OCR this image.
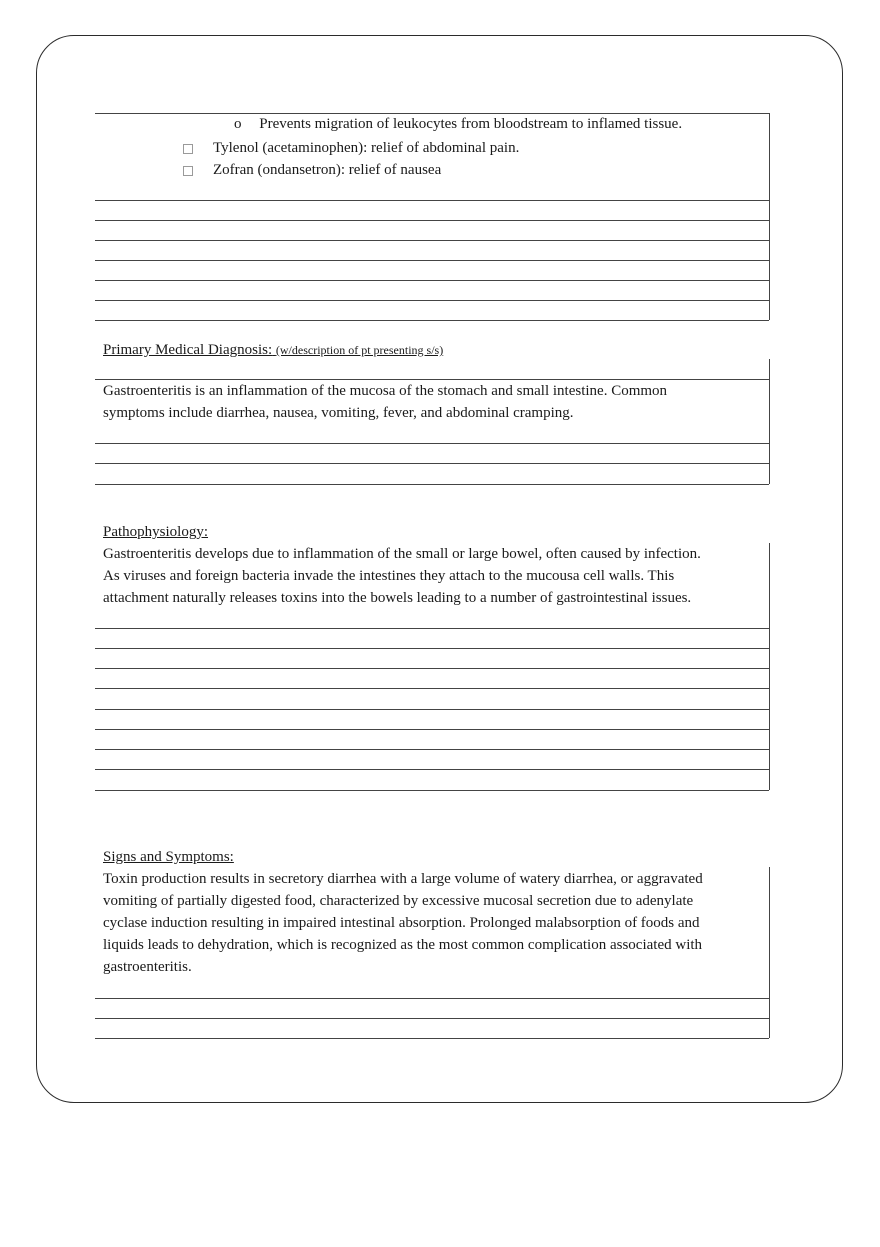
o Prevents migration of leukocytes from bloodstream to inflamed tissue.
Tylenol (acetaminophen): relief of abdominal pain.
Zofran (ondansetron): relief of nausea
Primary Medical Diagnosis: (w/description of pt presenting s/s)

Gastroenteritis is an inflammation of the mucosa of the stomach and small intestine. Common

symptoms include diarrhea, nausea, vomiting, fever, and abdominal cramping.

Pathophysiology:

Gastroenteritis develops due to inflammation of the small or large bowel, often caused by infection.

As viruses and foreign bacteria invade the intestines they attach to the mucousa cell walls. This

attachment naturally releases toxins into the bowels leading to a number of gastrointestinal issues.

Signs and Symptoms:

Toxin production results in secretory diarrhea with a large volume of watery diarrhea, or aggravated

vomiting of partially digested food, characterized by excessive mucosal secretion due to adenylate

cyclase induction resulting in impaired intestinal absorption. Prolonged malabsorption of foods and

liquids leads to dehydration, which is recognized as the most common complication associated with

gastroenteritis.
